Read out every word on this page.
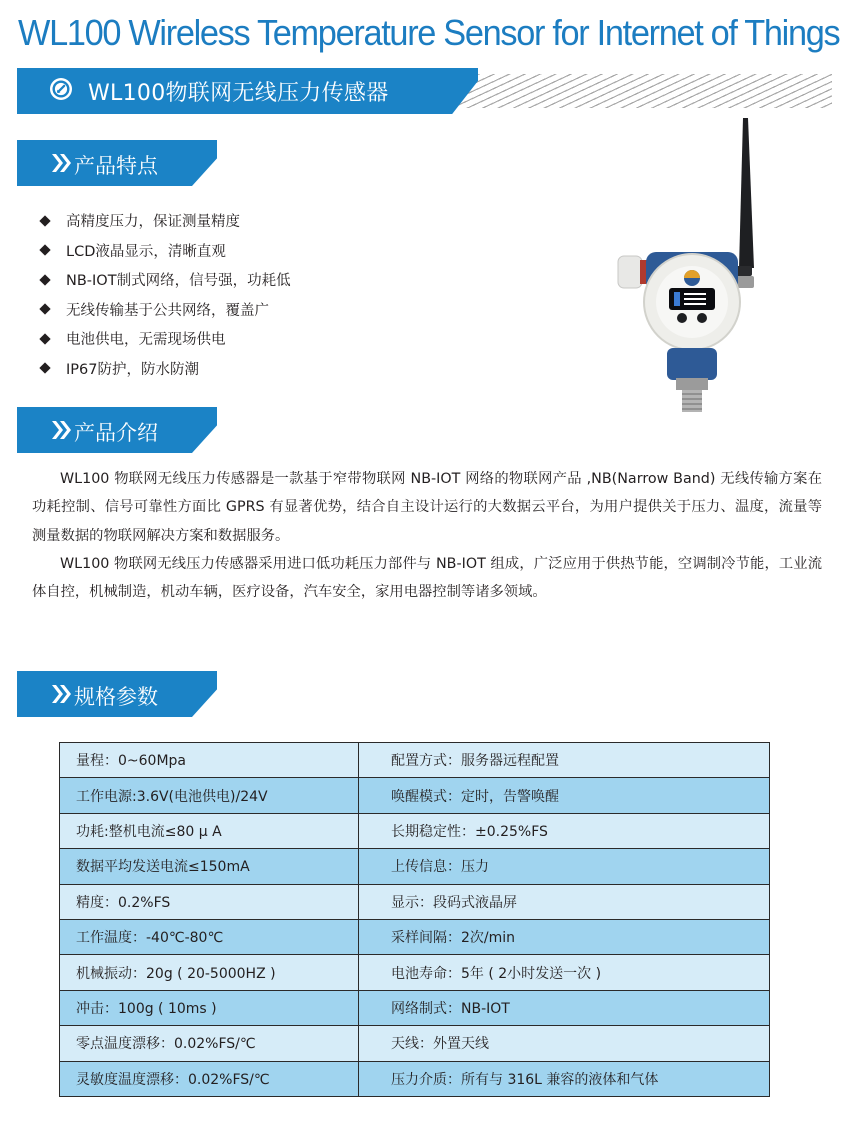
WL100 Wireless Temperature Sensor for Internet of Things
WL100物联网无线压力传感器
产品特点
高精度压力，保证测量精度
LCD液晶显示，清晰直观
NB-IOT制式网络，信号强，功耗低
无线传输基于公共网络，覆盖广
电池供电，无需现场供电
IP67防护，防水防潮
产品介绍

WL100 物联网无线压力传感器是一款基于窄带物联网 NB-IOT 网络的物联网产品 ,NB(Narrow Band) 无线传输方案在功耗控制、信号可靠性方面比 GPRS 有显著优势，结合自主设计运行的大数据云平台，为用户提供关于压力、温度，流量等测量数据的物联网解决方案和数据服务。

WL100 物联网无线压力传感器采用进口低功耗压力部件与 NB-IOT 组成，广泛应用于供热节能，空调制冷节能，工业流体自控，机械制造，机动车辆，医疗设备，汽车安全，家用电器控制等诸多领域。

规格参数
量程：0~60Mpa	配置方式：服务器远程配置
工作电源:3.6V(电池供电)/24V	唤醒模式：定时，告警唤醒
功耗:整机电流≤80 μ A	长期稳定性：±0.25%FS
数据平均发送电流≤150mA	上传信息：压力
精度：0.2%FS	显示：段码式液晶屏
工作温度：-40℃-80℃	采样间隔：2次/min
机械振动：20g ( 20-5000HZ )	电池寿命：5年 ( 2小时发送一次 )
冲击：100g ( 10ms )	网络制式：NB-IOT
零点温度漂移：0.02%FS/℃	天线：外置天线
灵敏度温度漂移：0.02%FS/℃	压力介质：所有与 316L 兼容的液体和气体
